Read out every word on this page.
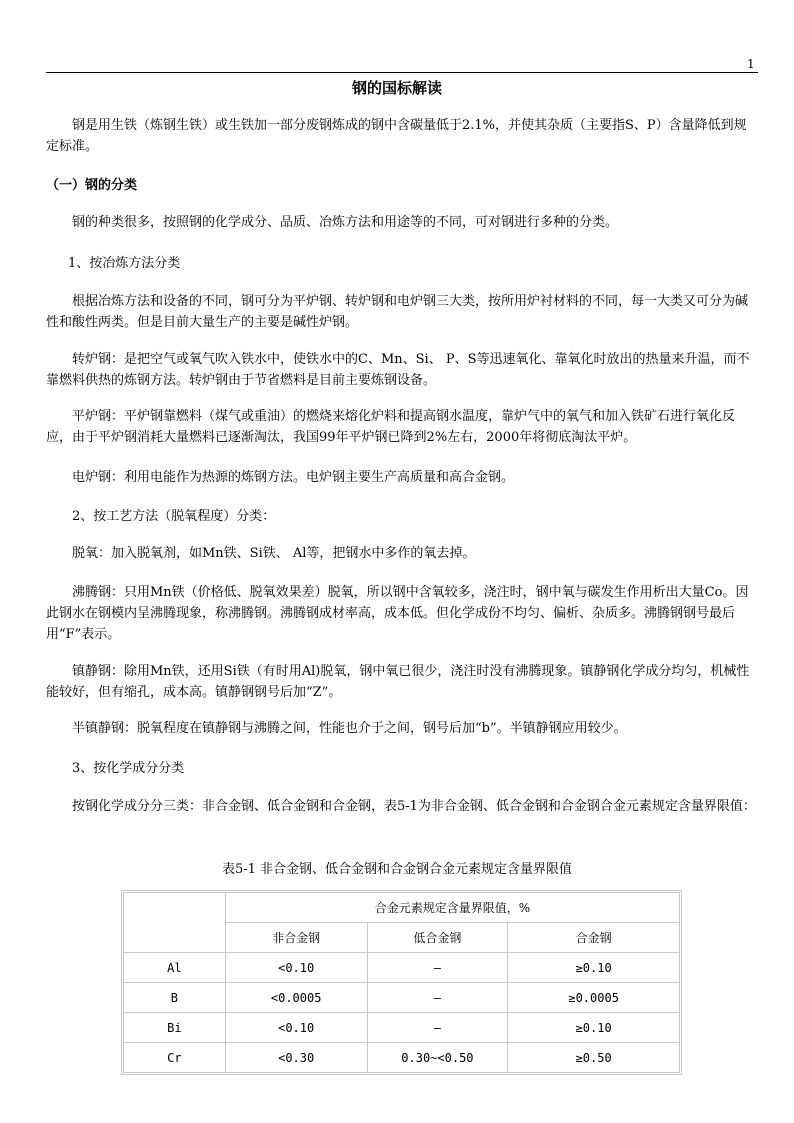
1
钢的国标解读

钢是用生铁（炼钢生铁）或生铁加一部分废钢炼成的钢中含碳量低于2.1%，并使其杂质（主要指S、P）含量降低到规定标准。

（一）钢的分类

钢的种类很多，按照钢的化学成分、品质、冶炼方法和用途等的不同，可对钢进行多种的分类。

1、按冶炼方法分类

根据冶炼方法和设备的不同，钢可分为平炉钢、转炉钢和电炉钢三大类，按所用炉衬材料的不同，每一大类又可分为碱性和酸性两类。但是目前大量生产的主要是碱性炉钢。

转炉钢：是把空气或氧气吹入铁水中，使铁水中的C、Mn、Si、 P、S等迅速氧化、靠氧化时放出的热量来升温，而不靠燃料供热的炼钢方法。转炉钢由于节省燃料是目前主要炼钢设备。

平炉钢：平炉钢靠燃料（煤气或重油）的燃烧来熔化炉料和提高钢水温度，靠炉气中的氧气和加入铁矿石进行氧化反应，由于平炉钢消耗大量燃料已逐渐淘汰，我国99年平炉钢已降到2%左右，2000年将彻底淘汰平炉。

电炉钢：利用电能作为热源的炼钢方法。电炉钢主要生产高质量和高合金钢。

2、按工艺方法（脱氧程度）分类：

脱氧：加入脱氧剂，如Mn铁、Si铁、 Al等，把钢水中多作的氧去掉。

沸腾钢：只用Mn铁（价格低、脱氧效果差）脱氧，所以钢中含氧较多，浇注时，钢中氧与碳发生作用析出大量Co。因此钢水在钢模内呈沸腾现象，称沸腾钢。沸腾钢成材率高，成本低。但化学成份不均匀、偏析、杂质多。沸腾钢钢号最后用“F”表示。

镇静钢：除用Mn铁，还用Si铁（有时用Al)脱氧，钢中氧已很少，浇注时没有沸腾现象。镇静钢化学成分均匀，机械性能较好，但有缩孔，成本高。镇静钢钢号后加“Z”。

半镇静钢：脱氧程度在镇静钢与沸腾之间，性能也介于之间，钢号后加“b”。半镇静钢应用较少。

3、按化学成分分类

按钢化学成分分三类：非合金钢、低合金钢和合金钢，表5-1为非合金钢、低合金钢和合金钢合金元素规定含量界限值：

表5-1 非合金钢、低合金钢和合金钢合金元素规定含量界限值
	合金元素规定含量界限值，%		
	非合金钢	低合金钢	合金钢
Al	<0.10	—	≥0.10
B	<0.0005	—	≥0.0005
Bi	<0.10	—	≥0.10
Cr	<0.30	0.30~<0.50	≥0.50
